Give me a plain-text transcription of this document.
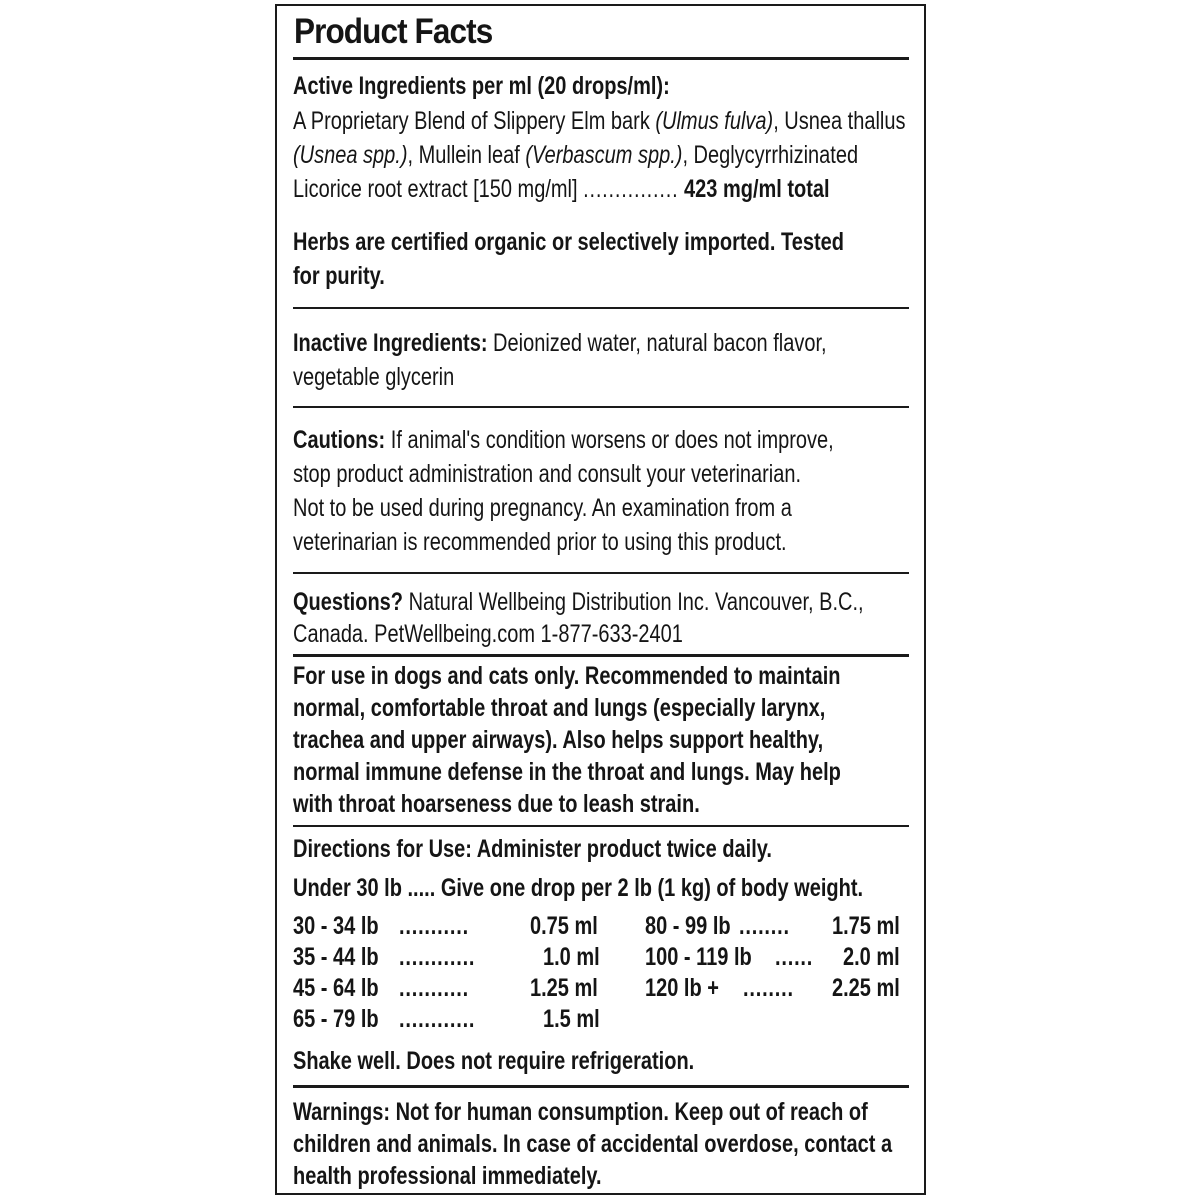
Product Facts
Active Ingredients per ml (20 drops/ml):
A Proprietary Blend of Slippery Elm bark (Ulmus fulva), Usnea thallus
(Usnea spp.), Mullein leaf (Verbascum spp.), Deglycyrrhizinated
Licorice root extract [150 mg/ml] ............... 423 mg/ml total
Herbs are certified organic or selectively imported. Tested
for purity.
Inactive Ingredients: Deionized water, natural bacon flavor,
vegetable glycerin
Cautions: If animal's condition worsens or does not improve,
stop product administration and consult your veterinarian.
Not to be used during pregnancy. An examination from a
veterinarian is recommended prior to using this product.
Questions? Natural Wellbeing Distribution Inc. Vancouver, B.C.,
Canada. PetWellbeing.com 1-877-633-2401
For use in dogs and cats only. Recommended to maintain
normal, comfortable throat and lungs (especially larynx,
trachea and upper airways). Also helps support healthy,
normal immune defense in the throat and lungs. May help
with throat hoarseness due to leash strain.
Directions for Use: Administer product twice daily.
Under 30 lb ..... Give one drop per 2 lb (1 kg) of body weight.
30 - 34 lb ........... 0.75 ml
35 - 44 lb ............	1.0 ml
45 - 64 lb ........... 1.25 ml
65 - 79 lb ............	1.5 ml
80 - 99 lb ........ 1.75 ml
100 - 119 lb ...... 2.0 ml
120 lb + ........ 2.25 ml
Shake well. Does not require refrigeration.
Warnings: Not for human consumption. Keep out of reach of
children and animals. In case of accidental overdose, contact a
health professional immediately.
